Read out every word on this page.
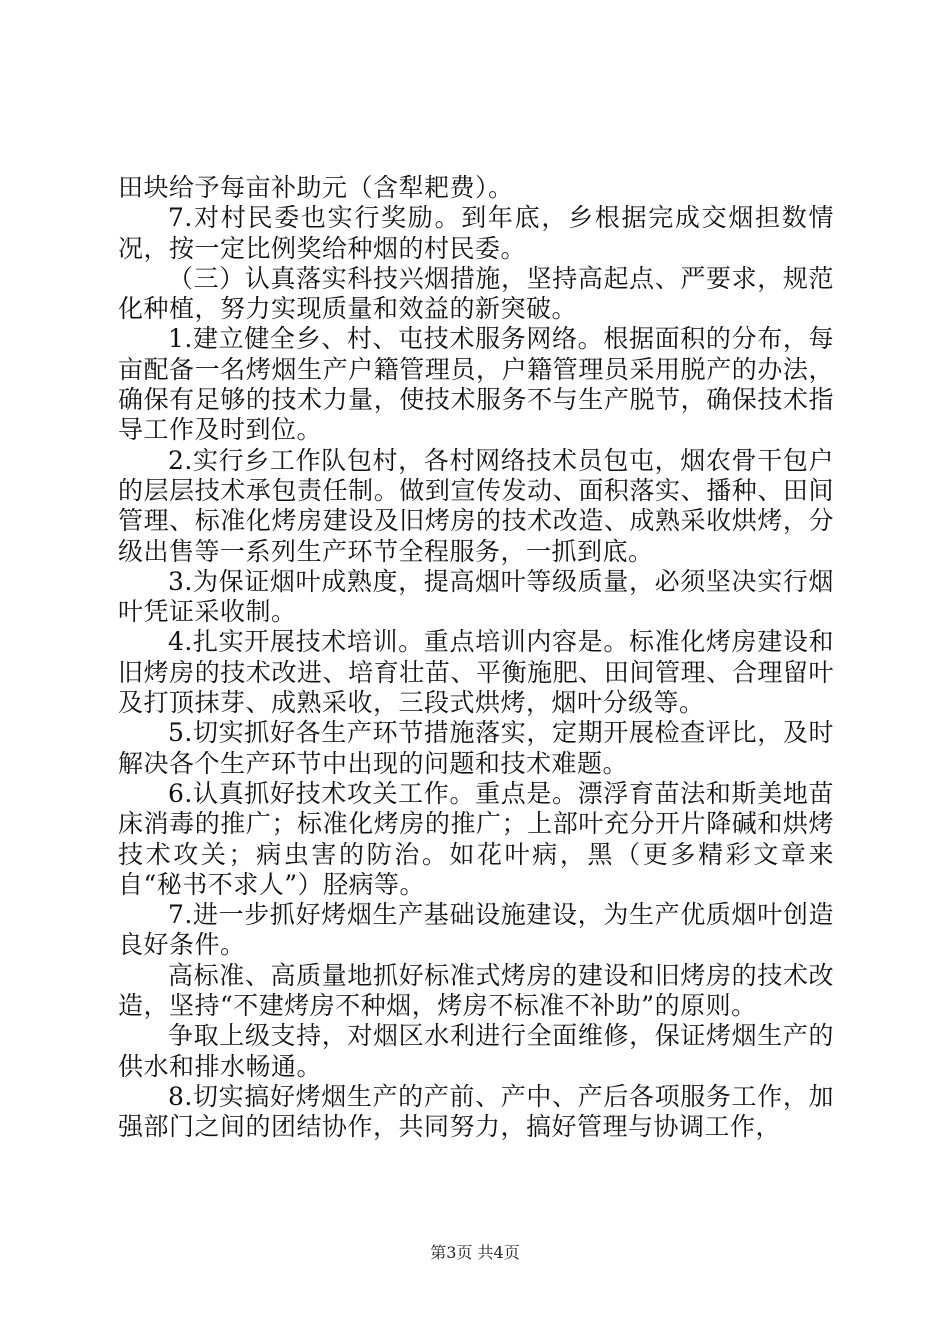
田块给予每亩补助元（含犁耙费）。

7.对村民委也实行奖励。到年底，乡根据完成交烟担数情况，按一定比例奖给种烟的村民委。

（三）认真落实科技兴烟措施，坚持高起点、严要求，规范化种植，努力实现质量和效益的新突破。

1.建立健全乡、村、屯技术服务网络。根据面积的分布，每亩配备一名烤烟生产户籍管理员，户籍管理员采用脱产的办法，确保有足够的技术力量，使技术服务不与生产脱节，确保技术指导工作及时到位。

2.实行乡工作队包村，各村网络技术员包屯，烟农骨干包户的层层技术承包责任制。做到宣传发动、面积落实、播种、田间管理、标准化烤房建设及旧烤房的技术改造、成熟采收烘烤，分级出售等一系列生产环节全程服务，一抓到底。

3.为保证烟叶成熟度，提高烟叶等级质量，必须坚决实行烟叶凭证采收制。

4.扎实开展技术培训。重点培训内容是。标准化烤房建设和旧烤房的技术改进、培育壮苗、平衡施肥、田间管理、合理留叶及打顶抹芽、成熟采收，三段式烘烤，烟叶分级等。

5.切实抓好各生产环节措施落实，定期开展检查评比，及时解决各个生产环节中出现的问题和技术难题。

6.认真抓好技术攻关工作。重点是。漂浮育苗法和斯美地苗床消毒的推广；标准化烤房的推广；上部叶充分开片降碱和烘烤技术攻关；病虫害的防治。如花叶病，黑（更多精彩文章来自“秘书不求人”）胫病等。

7.进一步抓好烤烟生产基础设施建设，为生产优质烟叶创造良好条件。

高标准、高质量地抓好标准式烤房的建设和旧烤房的技术改造，坚持“不建烤房不种烟，烤房不标准不补助”的原则。

争取上级支持，对烟区水利进行全面维修，保证烤烟生产的供水和排水畅通。

8.切实搞好烤烟生产的产前、产中、产后各项服务工作，加强部门之间的团结协作，共同努力，搞好管理与协调工作，

第3页 共4页
